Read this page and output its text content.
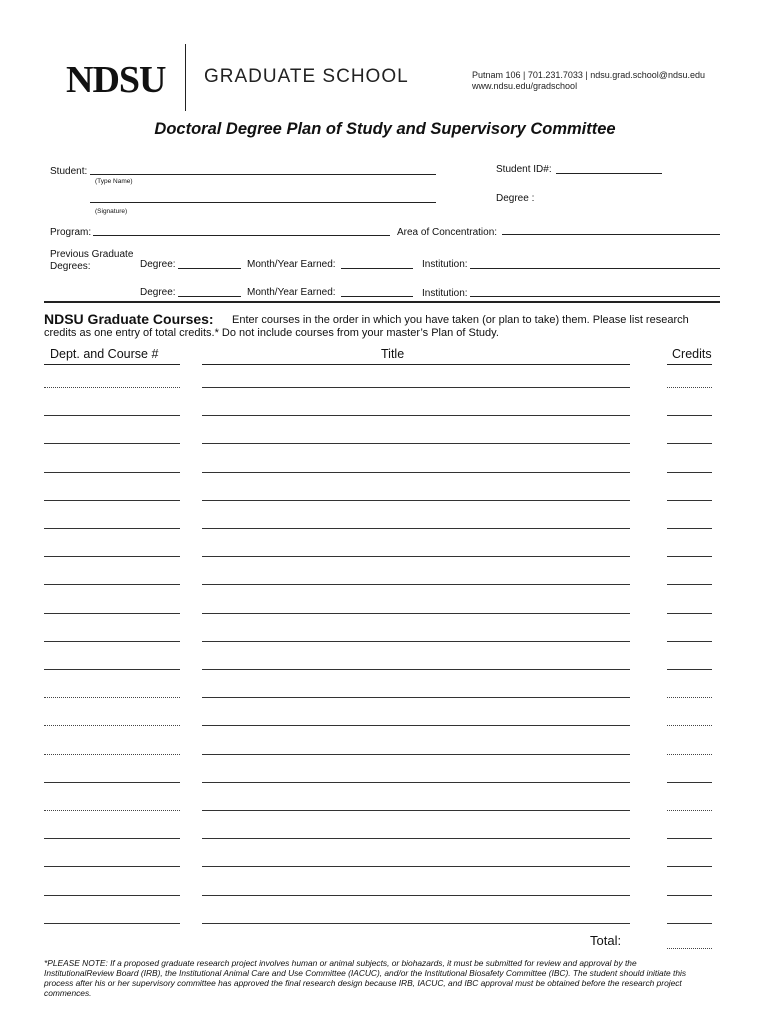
NDSU GRADUATE SCHOOL	Putnam 106 | 701.231.7033 | ndsu.grad.school@ndsu.edu
www.ndsu.edu/gradschool
Doctoral Degree Plan of Study and Supervisory Committee
Student:
(Type Name)
Student ID#:
(Signature)
Degree :
Program:	Area of Concentration:
Previous Graduate
Degrees:	Degree:	Month/Year Earned:	Institution:
Degree:	Month/Year Earned:	Institution:
NDSU Graduate Courses: Enter courses in the order in which you have taken (or plan to take) them. Please list research
credits as one entry of total credits.* Do not include courses from your master’s Plan of Study.
Dept. and Course #	Title	Credits
Total:
*PLEASE NOTE: If a proposed graduate research project involves human or animal subjects, or biohazards, it must be submitted for review and approval by the
InstitutionalReview Board (IRB), the Institutional Animal Care and Use Committee (IACUC), and/or the Institutional Biosafety Committee (IBC). The student should initiate this
process after his or her supervisory committee has approved the final research design because IRB, IACUC, and IBC approval must be obtained before the research project
commences.
